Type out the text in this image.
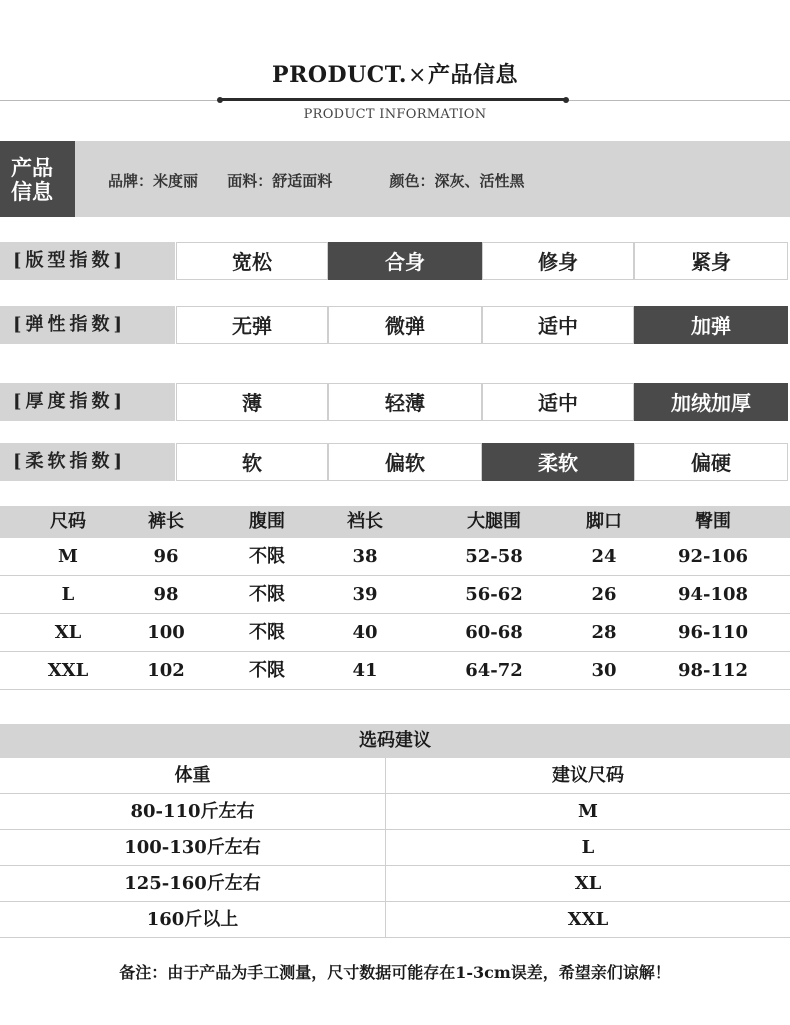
PRODUCT.×产品信息
PRODUCT INFORMATION
产品
信息	品牌：米度丽 面料：舒适面料	颜色：深灰、活性黑
[版型指数]	宽松	合身	修身	紧身
[弹性指数]	无弹	微弹	适中	加弹
[厚度指数]	薄	轻薄	适中	加绒加厚
[柔软指数]	软	偏软	柔软	偏硬
尺码	裤长	腹围	裆长	大腿围	脚口	臀围
M	96	不限	38	52-58	24	92-106
L	98	不限	39	56-62	26	94-108
XL	100	不限	40	60-68	28	96-110
XXL	102	不限	41	64-72	30	98-112
选码建议
体重	建议尺码
80-110斤左右	M
100-130斤左右	L
125-160斤左右	XL
160斤以上	XXL
备注：由于产品为手工测量，尺寸数据可能存在1-3cm误差，希望亲们谅解！
